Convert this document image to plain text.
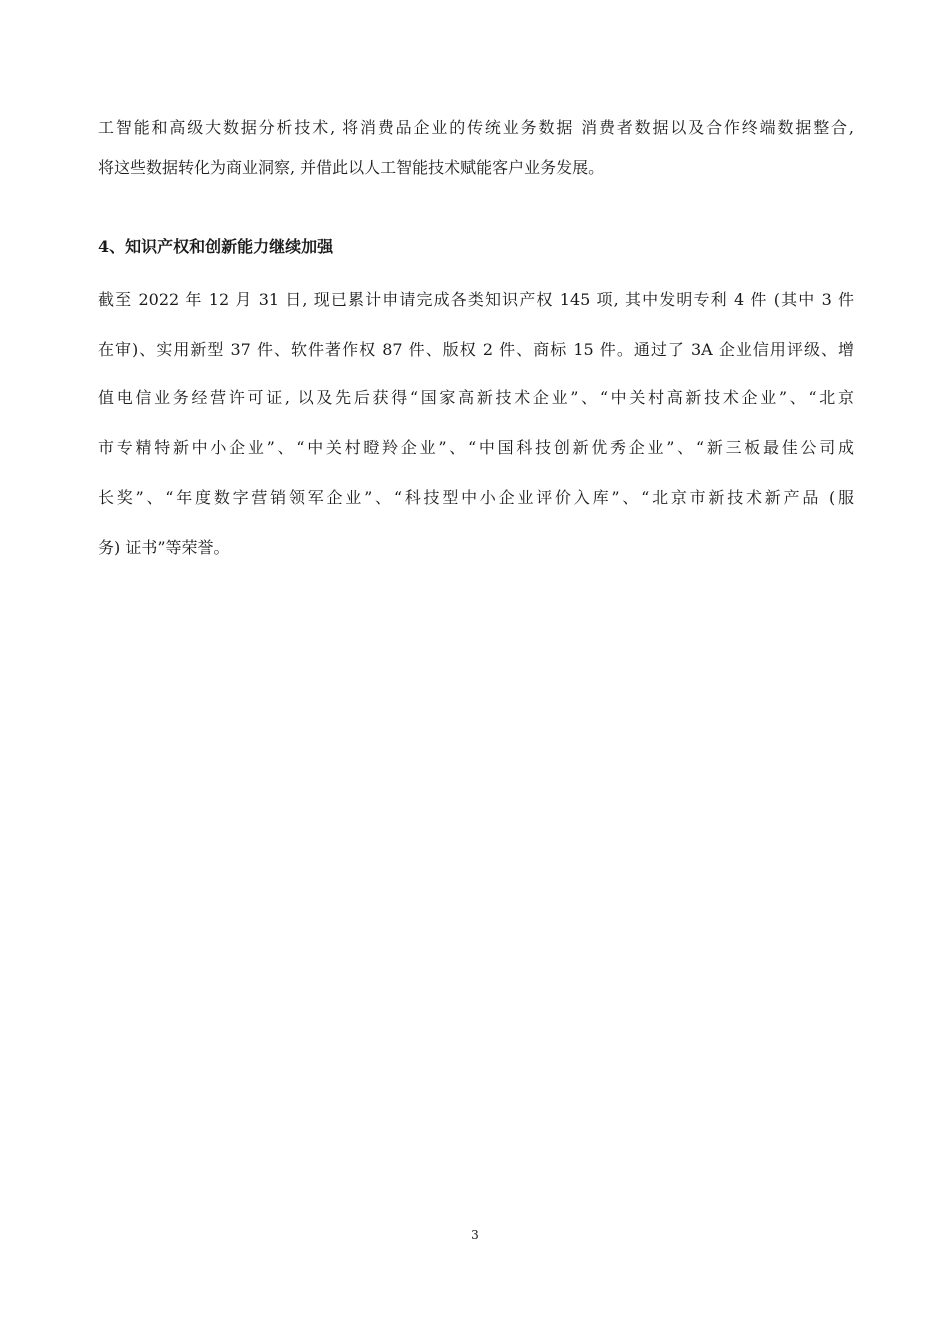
工智能和高级大数据分析技术, 将消费品企业的传统业务数据 消费者数据以及合作终端数据整合,
将这些数据转化为商业洞察, 并借此以人工智能技术赋能客户业务发展。
4、知识产权和创新能力继续加强
截至 2022 年 12 月 31 日, 现已累计申请完成各类知识产权 145 项, 其中发明专利 4 件 (其中 3 件
在审)、实用新型 37 件、软件著作权 87 件、版权 2 件、商标 15 件。通过了 3A 企业信用评级、增
值电信业务经营许可证, 以及先后获得“国家高新技术企业”、“中关村高新技术企业”、“北京
市专精特新中小企业”、“中关村瞪羚企业”、“中国科技创新优秀企业”、“新三板最佳公司成
长奖”、“年度数字营销领军企业”、“科技型中小企业评价入库”、“北京市新技术新产品 (服
务) 证书”等荣誉。
3
